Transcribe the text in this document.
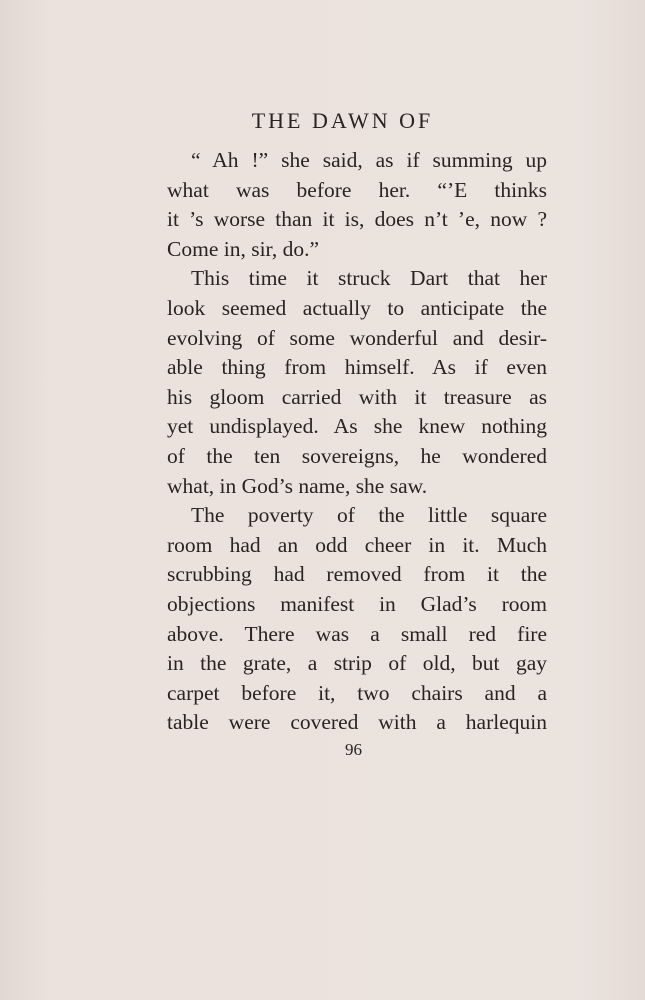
THE DAWN OF
“ Ah !” she said, as if summing up
what was before her. “’E thinks
it ’s worse than it is, does n’t ’e, now ?
Come in, sir, do.”
This time it struck Dart that her
look seemed actually to anticipate the
evolving of some wonderful and desir-
able thing from himself. As if even
his gloom carried with it treasure as
yet undisplayed. As she knew nothing
of the ten sovereigns, he wondered
what, in God’s name, she saw.
The poverty of the little square
room had an odd cheer in it. Much
scrubbing had removed from it the
objections manifest in Glad’s room
above. There was a small red fire
in the grate, a strip of old, but gay
carpet before it, two chairs and a
table were covered with a harlequin
96
